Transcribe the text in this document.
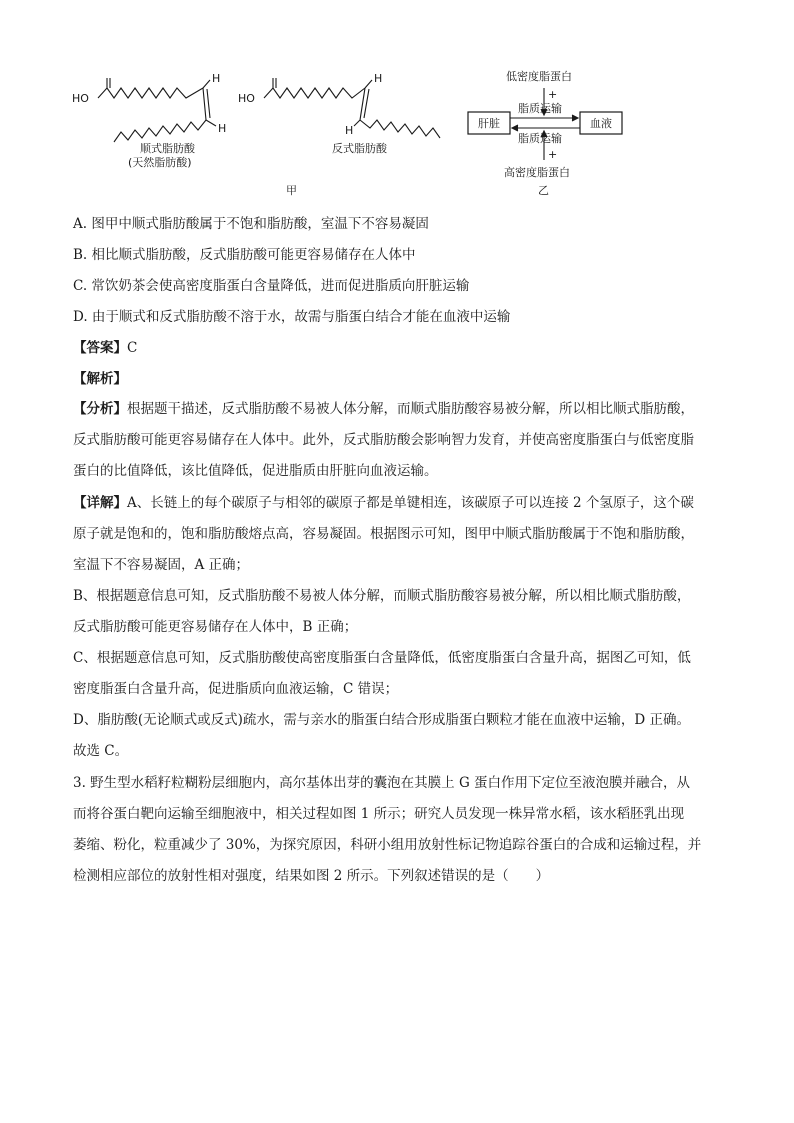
HO
H
H
顺式脂肪酸
(天然脂肪酸)
HO
H
H
反式脂肪酸
甲
低密度脂蛋白
+
脂质运输
肝脏	血液
脂质运输
+
高密度脂蛋白
乙
A. 图甲中顺式脂肪酸属于不饱和脂肪酸，室温下不容易凝固
B. 相比顺式脂肪酸，反式脂肪酸可能更容易储存在人体中
C. 常饮奶茶会使高密度脂蛋白含量降低，进而促进脂质向肝脏运输
D. 由于顺式和反式脂肪酸不溶于水，故需与脂蛋白结合才能在血液中运输
【答案】C
【解析】
【分析】根据题干描述，反式脂肪酸不易被人体分解，而顺式脂肪酸容易被分解，所以相比顺式脂肪酸，
反式脂肪酸可能更容易储存在人体中。此外，反式脂肪酸会影响智力发育，并使高密度脂蛋白与低密度脂
蛋白的比值降低，该比值降低，促进脂质由肝脏向血液运输。
【详解】A、长链上的每个碳原子与相邻的碳原子都是单键相连，该碳原子可以连接 2 个氢原子，这个碳
原子就是饱和的，饱和脂肪酸熔点高，容易凝固。根据图示可知，图甲中顺式脂肪酸属于不饱和脂肪酸，
室温下不容易凝固，A 正确；
B、根据题意信息可知，反式脂肪酸不易被人体分解，而顺式脂肪酸容易被分解，所以相比顺式脂肪酸，
反式脂肪酸可能更容易储存在人体中，B 正确；
C、根据题意信息可知，反式脂肪酸使高密度脂蛋白含量降低，低密度脂蛋白含量升高，据图乙可知，低
密度脂蛋白含量升高，促进脂质向血液运输，C 错误；
D、脂肪酸(无论顺式或反式)疏水，需与亲水的脂蛋白结合形成脂蛋白颗粒才能在血液中运输，D 正确。
故选 C。
3. 野生型水稻籽粒糊粉层细胞内，高尔基体出芽的囊泡在其膜上 G 蛋白作用下定位至液泡膜并融合，从
而将谷蛋白靶向运输至细胞液中，相关过程如图 1 所示；研究人员发现一株异常水稻，该水稻胚乳出现
萎缩、粉化，粒重减少了 30%，为探究原因，科研小组用放射性标记物追踪谷蛋白的合成和运输过程，并
检测相应部位的放射性相对强度，结果如图 2 所示。下列叙述错误的是（　　）
